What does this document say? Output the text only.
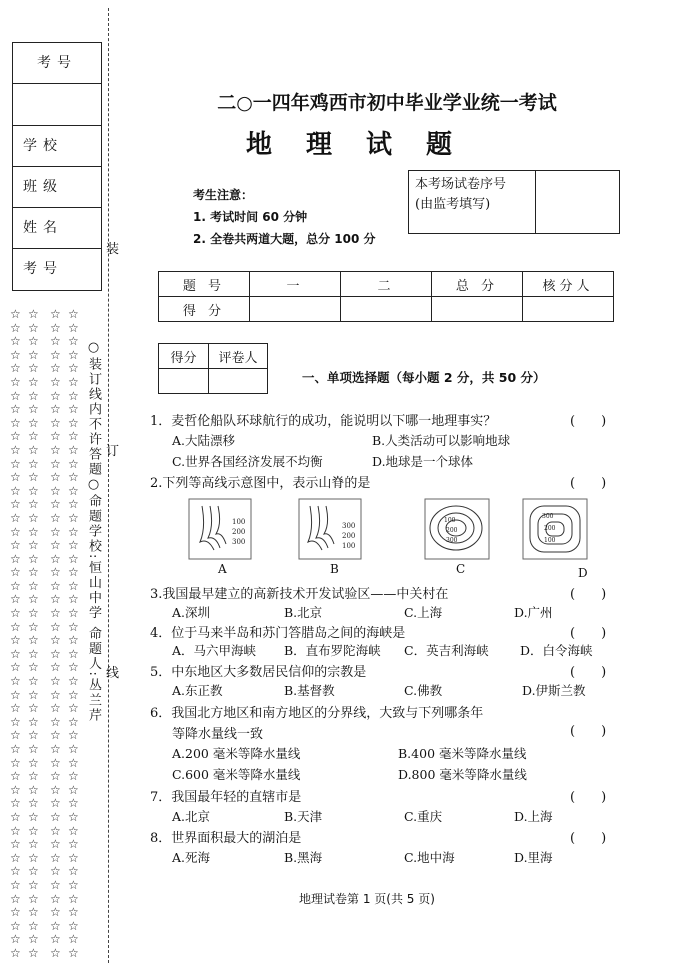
考号
学校
班级
姓名
考号
装
订
线
☆☆☆☆☆☆☆☆☆☆☆☆☆☆☆☆☆☆☆☆☆☆☆☆☆☆☆☆☆☆☆☆☆☆☆☆☆☆☆☆☆☆☆☆☆☆☆☆
☆☆☆☆☆☆☆☆☆☆☆☆☆☆☆☆☆☆☆☆☆☆☆☆☆☆☆☆☆☆☆☆☆☆☆☆☆☆☆☆☆☆☆☆☆☆☆☆
☆☆☆☆☆☆☆☆☆☆☆☆☆☆☆☆☆☆☆☆☆☆☆☆☆☆☆☆☆☆☆☆☆☆☆☆☆☆☆☆☆☆☆☆☆☆☆☆
☆☆☆☆☆☆☆☆☆☆☆☆☆☆☆☆☆☆☆☆☆☆☆☆☆☆☆☆☆☆☆☆☆☆☆☆☆☆☆☆☆☆☆☆☆☆☆☆
○装订线内不许答题○命题学校:恒山中学 命题人:丛兰芹
二○一四年鸡西市初中毕业学业统一考试
地理试题
考生注意：
1. 考试时间 60 分钟
2. 全卷共两道大题，总分 100 分
本考场试卷序号
(由监考填写)
题 号	一	二	总 分	核分人
得 分				
得分	评卷人

一、单项选择题（每小题 2 分，共 50 分）
1．麦哲伦船队环球航行的成功，能说明以下哪一地理事实？	(　　)
A.大陆漂移	B.人类活动可以影响地球
C.世界各国经济发展不均衡	D.地球是一个球体
2.下列等高线示意图中，表示山脊的是	(　　)
100
200
300
300
200
100
100
200
300
300
200
100
A	B	C	D
3.我国最早建立的高新技术开发试验区——中关村在	(　　)
A.深圳	B.北京	C.上海	D.广州
4．位于马来半岛和苏门答腊岛之间的海峡是	(　　)
A．马六甲海峡 B．直布罗陀海峡 C．英吉利海峡	D．白令海峡
5．中东地区大多数居民信仰的宗教是	(　　)
A.东正教	B.基督教	C.佛教	D.伊斯兰教
6．我国北方地区和南方地区的分界线，大致与下列哪条年
等降水量线一致	(　　)
A.200 毫米等降水量线	B.400 毫米等降水量线
C.600 毫米等降水量线	D.800 毫米等降水量线
7．我国最年轻的直辖市是	(　　)
A.北京	B.天津	C.重庆	D.上海
8．世界面积最大的湖泊是	(　　)
A.死海	B.黑海	C.地中海	D.里海
地理试卷第 1 页(共 5 页)
